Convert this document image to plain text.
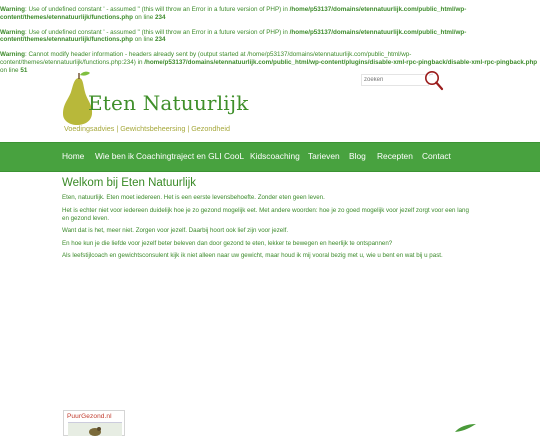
Warning: Use of undefined constant ' - assumed '' (this will throw an Error in a future version of PHP) in /home/p53137/domains/etennatuurlijk.com/public_html/wp-content/themes/etennatuurlijk/functions.php on line 234
Warning: Use of undefined constant ' - assumed '' (this will throw an Error in a future version of PHP) in /home/p53137/domains/etennatuurlijk.com/public_html/wp-content/themes/etennatuurlijk/functions.php on line 234
Warning: Cannot modify header information - headers already sent by (output started at /home/p53137/domains/etennatuurlijk.com/public_html/wp-content/themes/etennatuurlijk/functions.php:234) in /home/p53137/domains/etennatuurlijk.com/public_html/wp-content/plugins/disable-xml-rpc-pingback/disable-xml-rpc-pingback.php on line 51
Eten Natuurlijk
Voedingsadvies | Gewichtsbeheersing | Gezondheid
zoeken
Home Wie ben ik Coachingtraject en GLI CooL Kidscoaching Tarieven Blog Recepten Contact
Welkom bij Eten Natuurlijk

Eten, natuurlijk. Eten moet iedereen. Het is een eerste levensbehoefte. Zonder eten geen leven.

Het is echter niet voor iedereen duidelijk hoe je zo gezond mogelijk eet. Met andere woorden: hoe je zo goed mogelijk voor jezelf zorgt voor een lang en gezond leven.

Want dat is het, meer niet. Zorgen voor jezelf. Daarbij hoort ook lief zijn voor jezelf.

En hoe kun je die liefde voor jezelf beter beleven dan door gezond te eten, lekker te bewegen en heerlijk te ontspannen?

Als leefstijlcoach en gewichtsconsulent kijk ik niet alleen naar uw gewicht, maar houd ik mij vooral bezig met u, wie u bent en wat bij u past.

PuurGezond.nl
